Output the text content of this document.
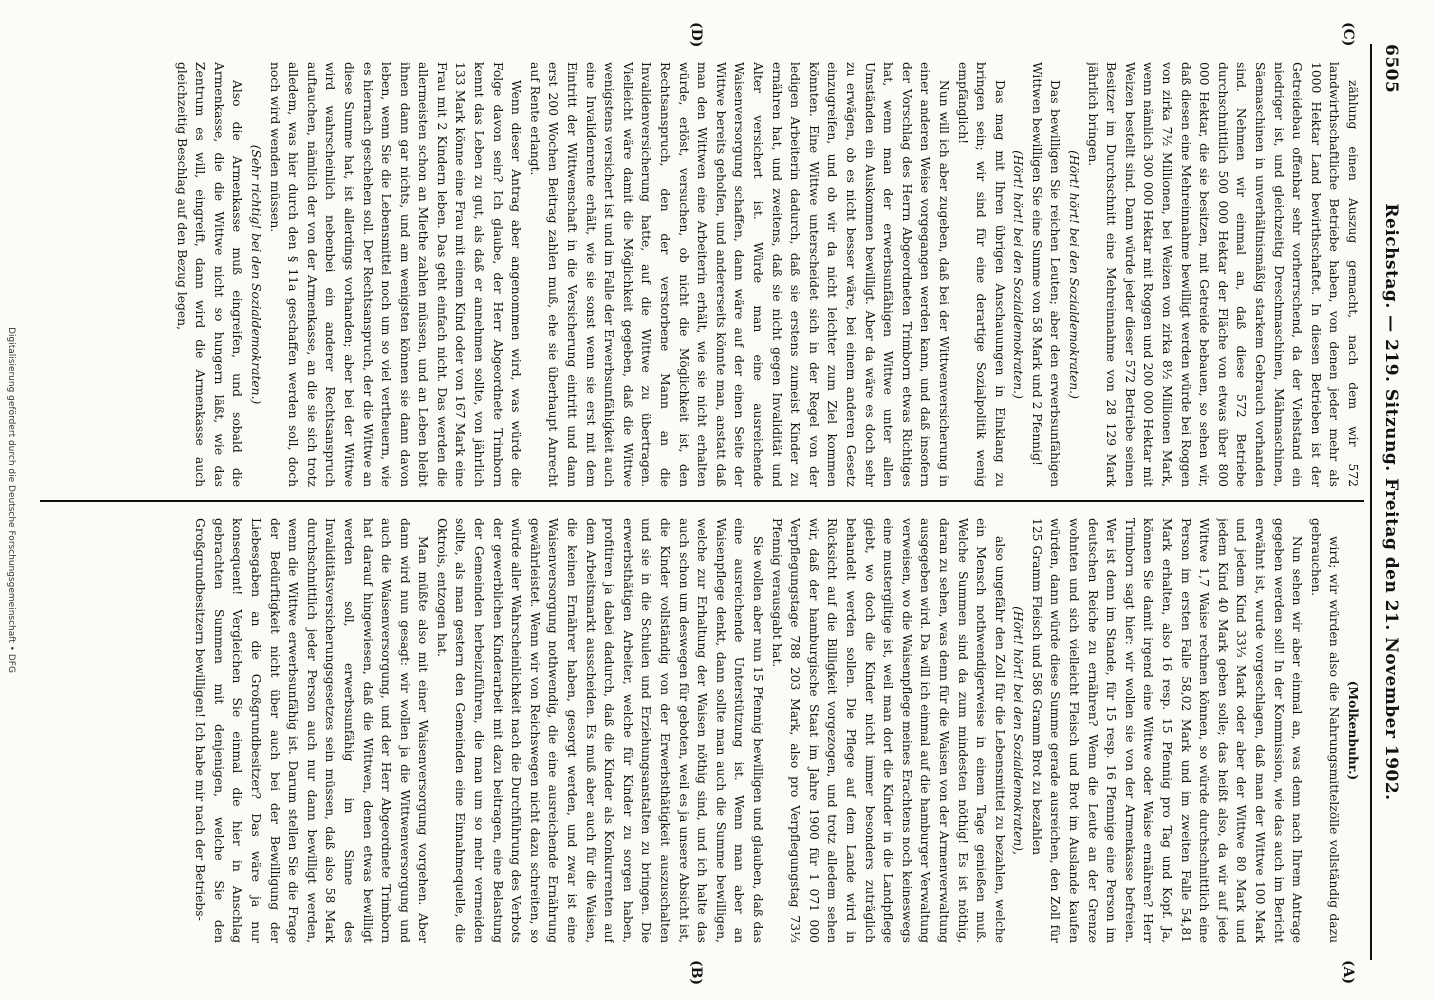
6505
Reichstag. — 219. Sitzung. Freitag den 21. November 1902.
(C)
(D)
(A)
(B)

zählung einen Auszug gemacht, nach dem wir 572 landwirthschaftliche Betriebe haben, von denen jeder mehr als 1000 Hektar Land bewirthschaftet. In diesen Betrieben ist der Getreidebau offenbar sehr vorherrschend, da der Viehstand ein niedriger ist, und gleichzeitig Dreschmaschinen, Mähmaschinen, Säemaschinen in unverhältnismäßig starkem Gebrauch vorhanden sind. Nehmen wir einmal an, daß diese 572 Betriebe durchschnittlich 500 000 Hektar der Fläche von etwas über 800 000 Hektar, die sie besitzen, mit Getreide bebauen, so sehen wir, daß diesen eine Mehreinnahme bewilligt werden würde bei Roggen von zirka 7½ Millionen, bei Weizen von zirka 8½ Millionen Mark, wenn nämlich 300 000 Hektar mit Roggen und 200 000 Hektar mit Weizen bestellt sind. Dann würde jeder dieser 572 Betriebe seinen Besitzer im Durchschnitt eine Mehreinnahme von 28 129 Mark jährlich bringen.

(Hört! hört! bei den Sozialdemokraten.)

Das bewilligen Sie reichen Leuten; aber den erwerbsunfähigen Wittwen bewilligen Sie eine Summe von 58 Mark und 2 Pfennig!

(Hört! hört! bei den Sozialdemokraten.)

Das mag mit Ihren übrigen Anschauungen in Einklang zu bringen sein; wir sind für eine derartige Sozialpolitik wenig empfänglich!

Nun will ich aber zugeben, daß bei der Wittwenversicherung in einer anderen Weise vorgegangen werden kann, und daß insofern der Vorschlag des Herrn Abgeordneten Trimborn etwas Richtiges hat, wenn man der erwerbsunfähigen Wittwe unter allen Umständen ein Auskommen bewilligt. Aber da wäre es doch sehr zu erwägen, ob es nicht besser wäre, bei einem anderen Gesetz einzugreifen, und ob wir da nicht leichter zum Ziel kommen könnten. Eine Wittwe unterscheidet sich in der Regel von der ledigen Arbeiterin dadurch, daß sie erstens zumeist Kinder zu ernähren hat, und zweitens, daß sie nicht gegen Invalidität und Alter versichert ist. Würde man eine ausreichende Waisenversorgung schaffen, dann wäre auf der einen Seite der Wittwe bereits geholfen, und andererseits könnte man, anstatt daß man den Wittwen eine Arbeiterin erhält, wie sie nicht erhalten würde, erlöst, versuchen, ob nicht die Möglichkeit ist, den Rechtsanspruch, den der verstorbene Mann an die Invalidenversicherung hatte, auf die Wittwe zu übertragen. Vielleicht wäre damit die Möglichkeit gegeben, daß die Wittwe wenigstens versichert ist und im Falle der Erwerbsunfähigkeit auch eine Invalidenrente erhält, wie sie sonst wenn sie erst mit dem Eintritt der Wittwenschaft in die Versicherung eintritt und dann erst 200 Wochen Beitrag zahlen muß, ehe sie überhaupt Anrecht auf Rente erlangt.

Wenn dieser Antrag aber angenommen wird, was würde die Folge davon sein? Ich glaube, der Herr Abgeordnete Trimborn kennt das Leben zu gut, als daß er annehmen sollte, von jährlich 133 Mark könne eine Frau mit einem Kind oder von 167 Mark eine Frau mit 2 Kindern leben. Das geht einfach nicht. Das werden die allermeisten schon an Miethe zahlen müssen, und an Leben bleibt ihnen dann gar nichts, und am wenigsten können sie dann davon leben, wenn Sie die Lebensmittel noch um so viel vertheuern, wie es hiernach geschehen soll. Der Rechtsanspruch, der die Wittwe an diese Summe hat, ist allerdings vorhanden; aber bei der Wittwe wird wahrscheinlich nebenbei ein anderer Rechtsanspruch auftauchen, nämlich der von der Armenkasse, an die sie sich trotz alledem, was hier durch den § 11a geschaffen werden soll, doch noch wird wenden müssen.

(Sehr richtig! bei den Sozialdemokraten.)

Also die Armenkasse muß eingreifen, und sobald die Armenkasse, die die Wittwe nicht so hungern läßt, wie das Zentrum es will, eingreift, dann wird die Armenkasse auch gleichzeitig Beschlag auf den Bezug legen,

(Molkenbuhr.)

wird; wir würden also die Nahrungsmittelzölle vollständig dazu gebrauchen.

Nun sehen wir aber einmal an, was denn nach Ihrem Antrage gegeben werden soll! In der Kommission, wie das auch im Bericht erwähnt ist, wurde vorgeschlagen, daß man der Wittwe 100 Mark und jedem Kind 33⅓ Mark oder aber der Wittwe 80 Mark und jedem Kind 40 Mark geben solle; das heißt also, da wir auf jede Wittwe 1,7 Waise rechnen können, so würde durchschnittlich eine Person im ersten Falle 58,02 Mark und im zweiten Falle 54,81 Mark erhalten, also 16 resp. 15 Pfennig pro Tag und Kopf. Ja, können Sie damit irgend eine Wittwe oder Waise ernähren? Herr Trimborn sagt hier: wir wollen sie von der Armenkasse befreien. Wer ist denn im Stande, für 15 resp. 16 Pfennige eine Person im deutschen Reiche zu ernähren? Wenn die Leute an der Grenze wohnten und sich vielleicht Fleisch und Brot im Auslande kaufen würden, dann würde diese Summe gerade ausreichen, den Zoll für 125 Gramm Fleisch und 586 Gramm Brot zu bezahlen

(Hört! hört! bei den Sozialdemokraten),

also ungefähr den Zoll für die Lebensmittel zu bezahlen, welche ein Mensch nothwendigerweise in einem Tage genießen muß. Welche Summen sind da zum mindesten nöthig! Es ist nöthig, daran zu sehen, was denn für die Waisen von der Armenverwaltung ausgegeben wird. Da will ich einmal auf die hamburger Verwaltung verweisen, wo die Waisenpflege meines Erachtens noch keineswegs eine mustergiltige ist, weil man dort die Kinder in die Landpflege giebt, wo doch die Kinder nicht immer besonders zuträglich behandelt werden sollen. Die Pflege auf dem Lande wird in Rücksicht auf die Billigkeit vorgezogen, und trotz alledem sehen wir, daß der hamburgische Staat im Jahre 1900 für 1 071 000 Verpflegungstage 788 203 Mark, also pro Verpflegungstag 73⅓ Pfennig verausgabt hat.

Sie wollen aber nun 15 Pfennig bewilligen und glauben, daß das eine ausreichende Unterstützung ist. Wenn man aber an Waisenpflege denkt, dann sollte man auch die Summe bewilligen, welche zur Erhaltung der Waisen nöthig sind, und ich halte das auch schon um deswegen für geboten, weil es ja unsere Absicht ist, die Kinder vollständig von der Erwerbsthätigkeit auszuschalten und sie in die Schulen und Erziehungsanstalten zu bringen. Die erwerbsthätigen Arbeiter, welche für Kinder zu sorgen haben, profitiren ja dabei dadurch, daß die Kinder als Konkurrenten auf dem Arbeitsmarkt ausscheiden. Es muß aber auch für die Waisen, die keinen Ernährer haben, gesorgt werden, und zwar ist eine Waisenversorgung nothwendig, die eine ausreichende Ernährung gewährleistet. Wenn wir von Reichswegen nicht dazu schreiten, so würde aller Wahrscheinlichkeit nach die Durchführung des Verbots der gewerblichen Kinderarbeit mit dazu beitragen, eine Belastung der Gemeinden herbeizuführen, die man um so mehr vermeiden sollte, als man gestern den Gemeinden eine Einnahmequelle, die Oktrois, entzogen hat.

Man müßte also mit einer Waisenversorgung vorgehen. Aber dann wird nun gesagt: wir wollen ja die Wittwenversorgung und auch die Waisenversorgung, und der Herr Abgeordnete Trimborn hat darauf hingewiesen, daß die Wittwen, denen etwas bewilligt werden soll, erwerbsunfähig im Sinne des Invaliditätsversicherungsgesetzes sein müssen, daß also 58 Mark durchschnittlich jeder Person auch nur dann bewilligt werden, wenn die Wittwe erwerbsunfähig ist. Darum stellen Sie die Frage der Bedürftigkeit nicht über auch bei der Bewilligung der Liebesgaben an die Großgrundbesitzer? Das wäre ja nur konsequent! Vergleichen Sie einmal die hier in Anschlag gebrachten Summen mit denjenigen, welche Sie den Großgrundbesitzern bewilligen! Ich habe mir nach der Betriebs-

Digitalisierung gefördert durch die Deutsche Forschungsgemeinschaft • DFG
